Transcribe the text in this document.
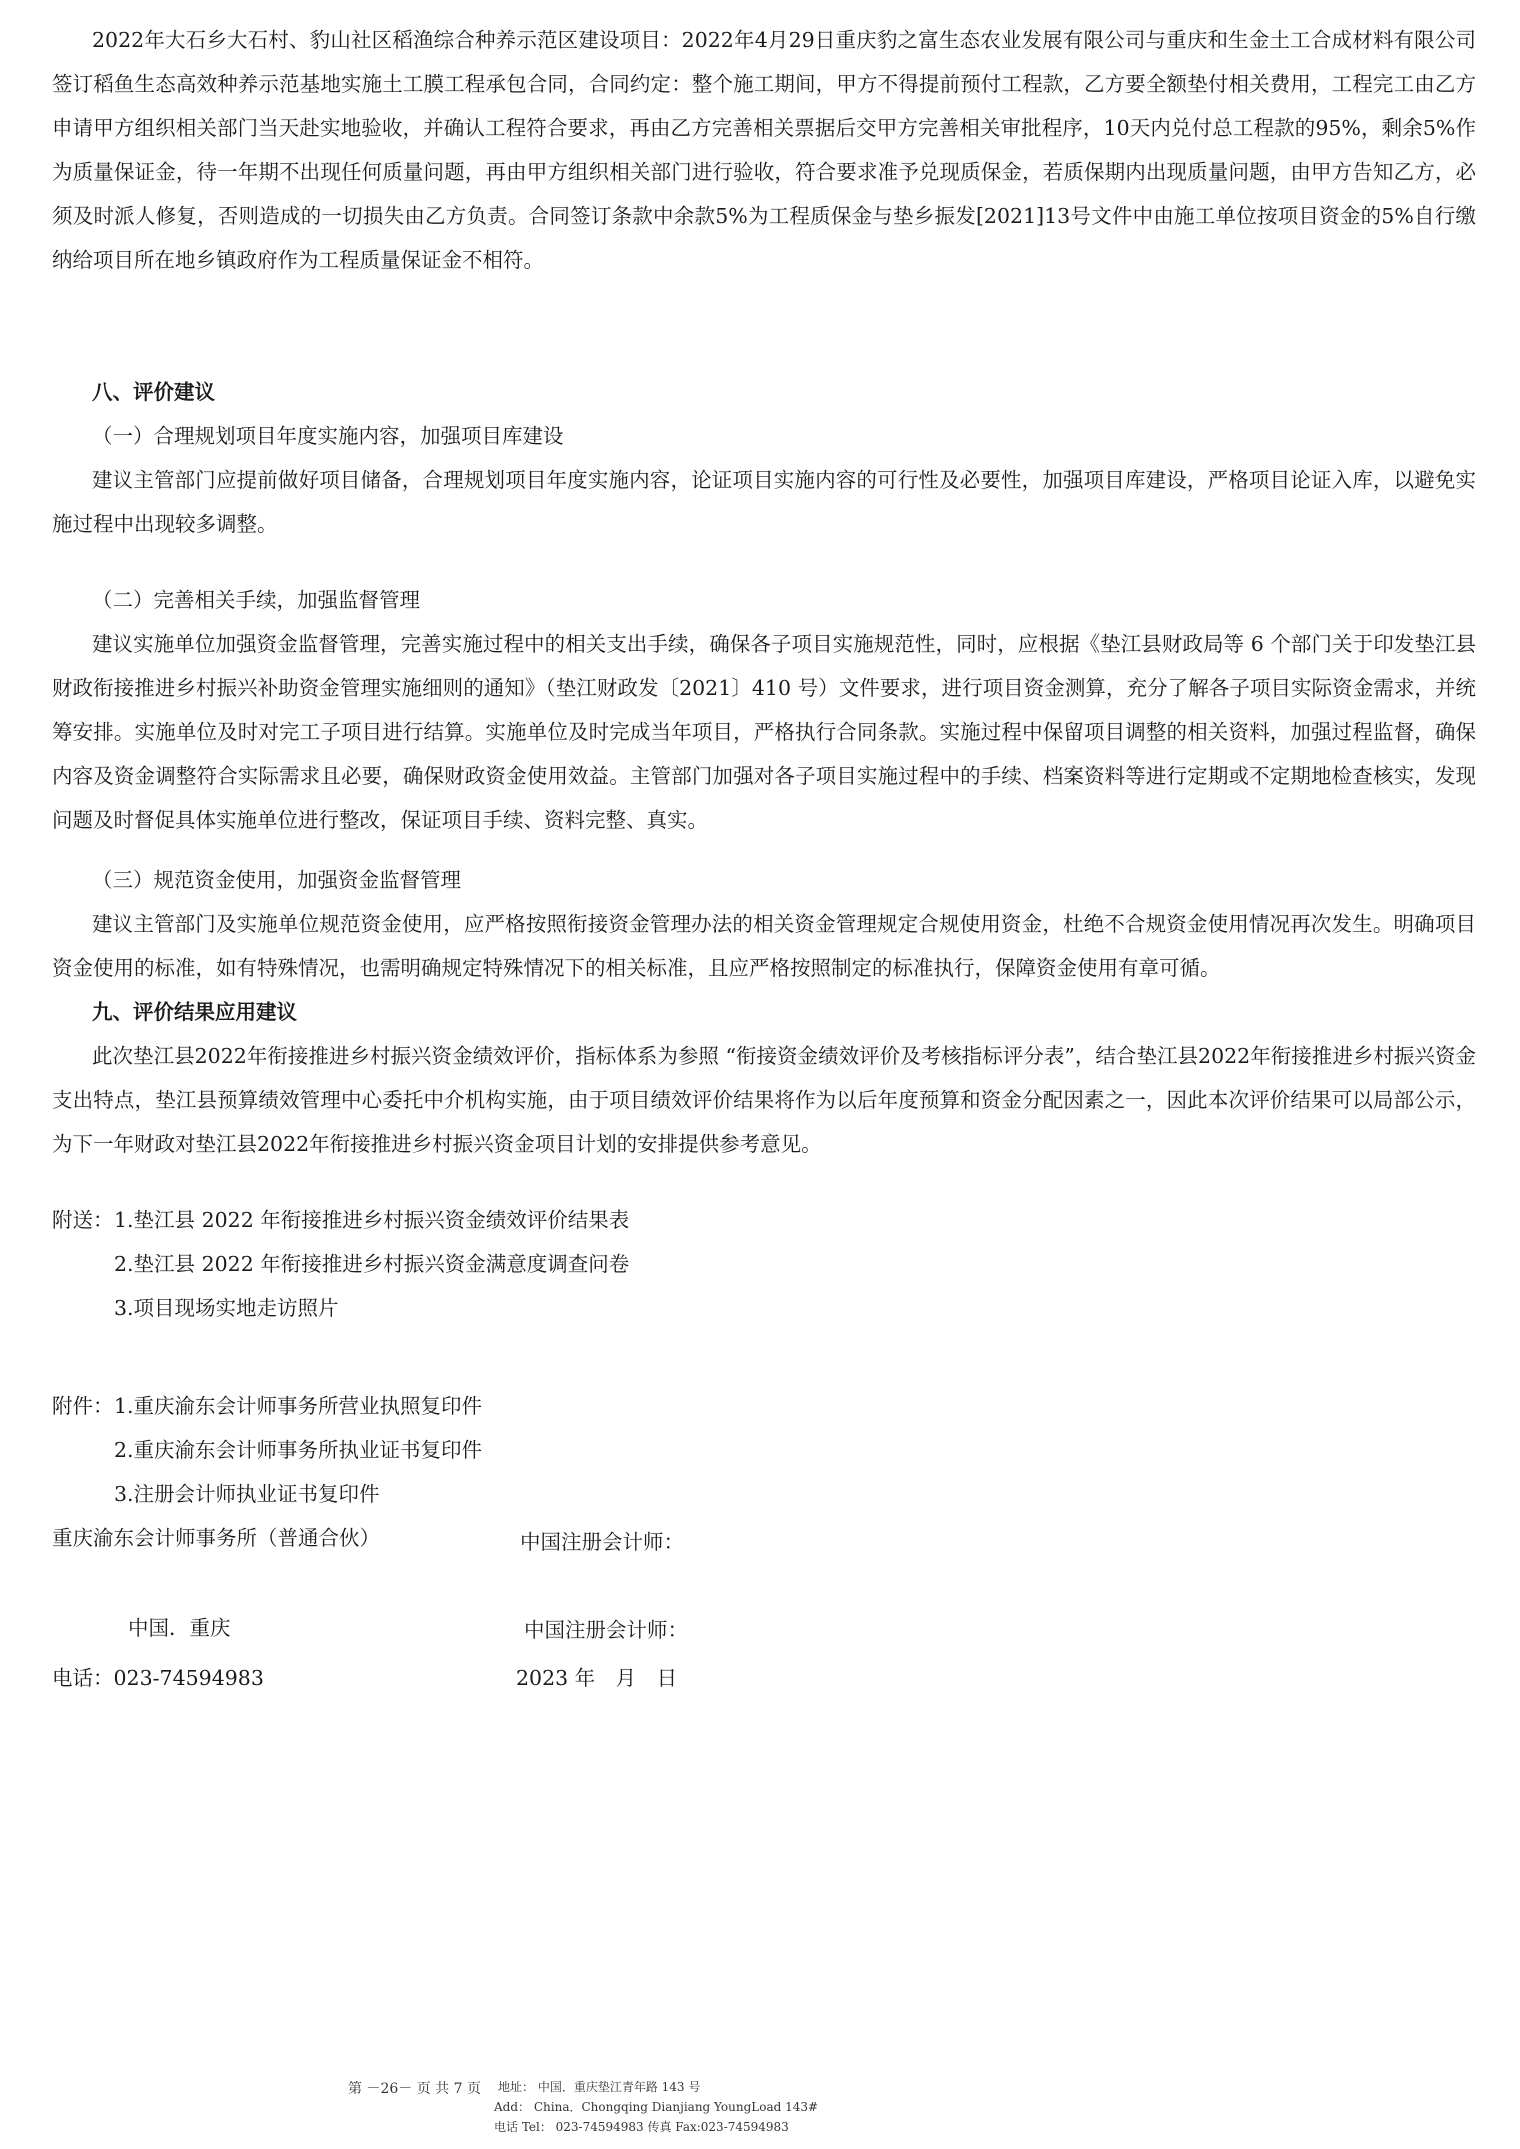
2022年大石乡大石村、豹山社区稻渔综合种养示范区建设项目：2022年4月29日重庆豹之富生态农业发展有限公司与重庆和生金土工合成材料有限公司签订稻鱼生态高效种养示范基地实施土工膜工程承包合同，合同约定：整个施工期间，甲方不得提前预付工程款，乙方要全额垫付相关费用，工程完工由乙方申请甲方组织相关部门当天赴实地验收，并确认工程符合要求，再由乙方完善相关票据后交甲方完善相关审批程序，10天内兑付总工程款的95%，剩余5%作为质量保证金，待一年期不出现任何质量问题，再由甲方组织相关部门进行验收，符合要求准予兑现质保金，若质保期内出现质量问题，由甲方告知乙方，必须及时派人修复，否则造成的一切损失由乙方负责。合同签订条款中余款5%为工程质保金与垫乡振发[2021]13号文件中由施工单位按项目资金的5%自行缴纳给项目所在地乡镇政府作为工程质量保证金不相符。

八、评价建议

（一）合理规划项目年度实施内容，加强项目库建设

建议主管部门应提前做好项目储备，合理规划项目年度实施内容，论证项目实施内容的可行性及必要性，加强项目库建设，严格项目论证入库，以避免实施过程中出现较多调整。

（二）完善相关手续，加强监督管理

建议实施单位加强资金监督管理，完善实施过程中的相关支出手续，确保各子项目实施规范性，同时，应根据《垫江县财政局等 6 个部门关于印发垫江县财政衔接推进乡村振兴补助资金管理实施细则的通知》（垫江财政发〔2021〕410 号）文件要求，进行项目资金测算，充分了解各子项目实际资金需求，并统筹安排。实施单位及时对完工子项目进行结算。实施单位及时完成当年项目，严格执行合同条款。实施过程中保留项目调整的相关资料，加强过程监督，确保内容及资金调整符合实际需求且必要，确保财政资金使用效益。主管部门加强对各子项目实施过程中的手续、档案资料等进行定期或不定期地检查核实，发现问题及时督促具体实施单位进行整改，保证项目手续、资料完整、真实。

（三）规范资金使用，加强资金监督管理

建议主管部门及实施单位规范资金使用，应严格按照衔接资金管理办法的相关资金管理规定合规使用资金，杜绝不合规资金使用情况再次发生。明确项目资金使用的标准，如有特殊情况，也需明确规定特殊情况下的相关标准，且应严格按照制定的标准执行，保障资金使用有章可循。

九、评价结果应用建议

此次垫江县2022年衔接推进乡村振兴资金绩效评价，指标体系为参照 “衔接资金绩效评价及考核指标评分表”，结合垫江县2022年衔接推进乡村振兴资金支出特点，垫江县预算绩效管理中心委托中介机构实施，由于项目绩效评价结果将作为以后年度预算和资金分配因素之一，因此本次评价结果可以局部公示，为下一年财政对垫江县2022年衔接推进乡村振兴资金项目计划的安排提供参考意见。

附送： 1.垫江县 2022 年衔接推进乡村振兴资金绩效评价结果表
2.垫江县 2022 年衔接推进乡村振兴资金满意度调查问卷
3.项目现场实地走访照片
附件： 1.重庆渝东会计师事务所营业执照复印件
2.重庆渝东会计师事务所执业证书复印件
3.注册会计师执业证书复印件
重庆渝东会计师事务所（普通合伙）	中国注册会计师：
中国．重庆	中国注册会计师：
电话：023-74594983	2023 年　月　日
第 －26－ 页 共 7 页 地址： 中国．重庆垫江青年路 143 号
Add： China．Chongqing Dianjiang YoungLoad 143#
电话 Tel： 023-74594983 传真 Fax:023-74594983
